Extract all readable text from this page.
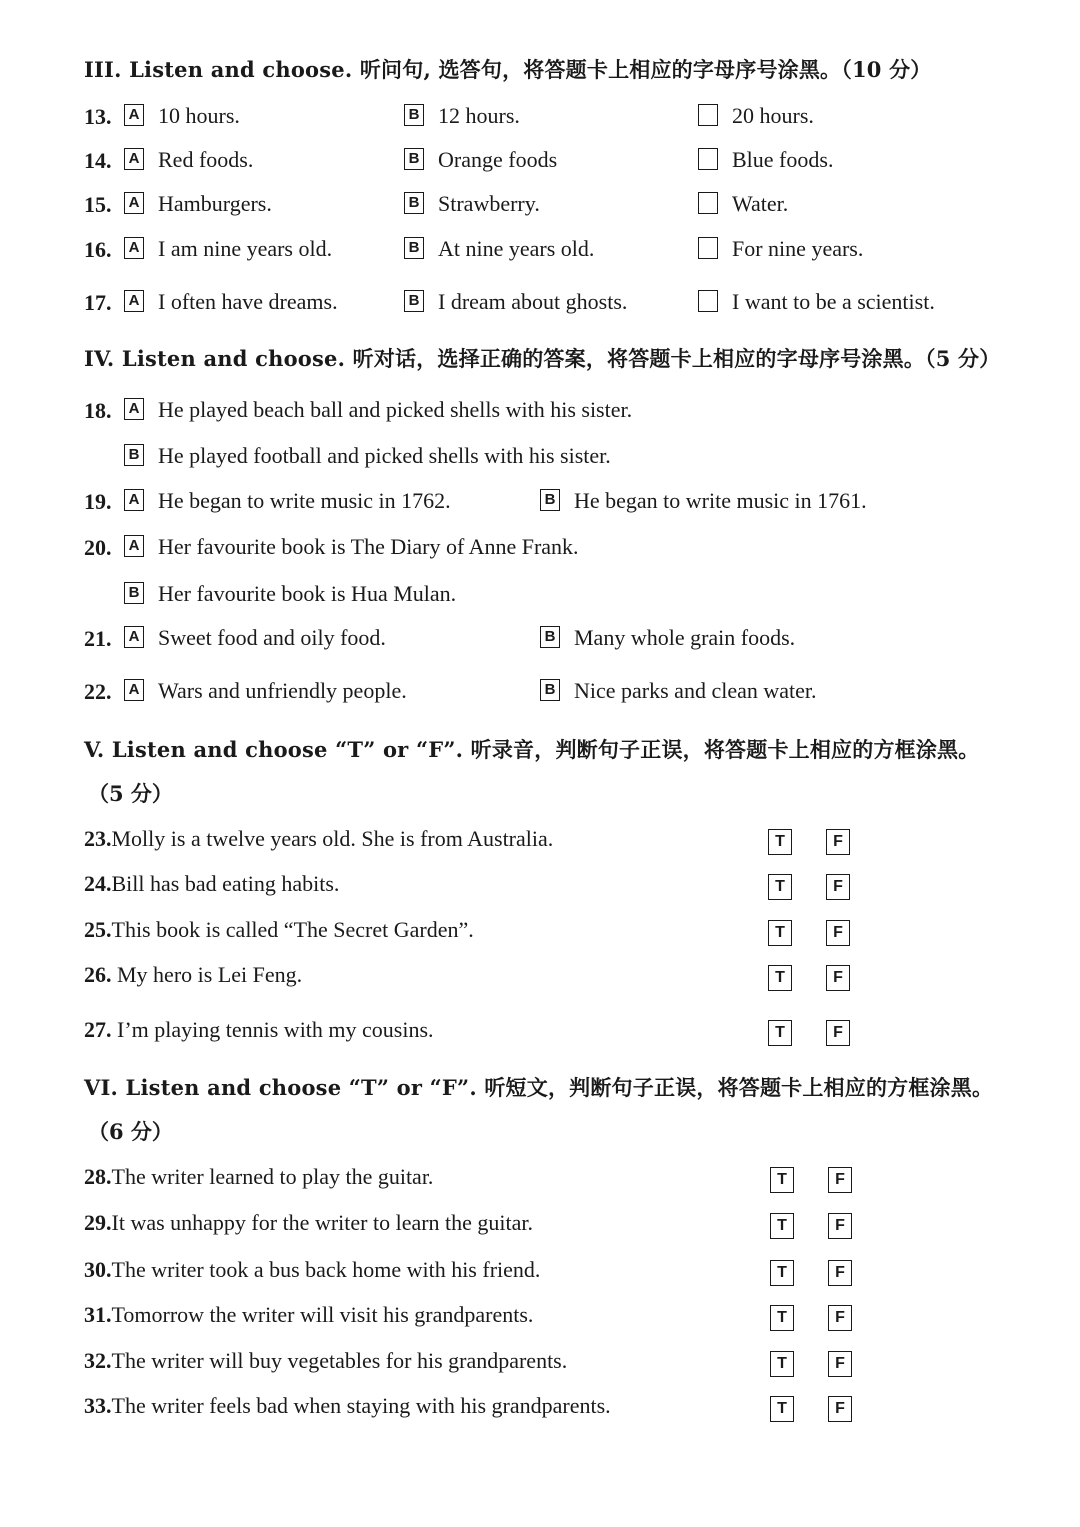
III. Listen and choose. 听问句, 选答句，将答题卡上相应的字母序号涂黑。（10 分）
13.	A 10 hours.	B 12 hours.	20 hours.
14.	A Red foods.	B Orange foods	Blue foods.
15.	A Hamburgers.	B Strawberry.	Water.
16.	A I am nine years old.	B At nine years old.	For nine years.
17.	A I often have dreams.	B I dream about ghosts.	I want to be a scientist.
IV. Listen and choose. 听对话，选择正确的答案，将答题卡上相应的字母序号涂黑。（5 分）
18.	A He played beach ball and picked shells with his sister.
B He played football and picked shells with his sister.
19.	A He began to write music in 1762.	B He began to write music in 1761.
20.	A Her favourite book is The Diary of Anne Frank.
B Her favourite book is Hua Mulan.
21.	A Sweet food and oily food.	B Many whole grain foods.
22.	A Wars and unfriendly people.	B Nice parks and clean water.
V. Listen and choose “T” or “F”. 听录音，判断句子正误，将答题卡上相应的方框涂黑。
（5 分）
23.Molly is a twelve years old. She is from Australia.	T	F
24.Bill has bad eating habits.	T	F
25.This book is called “The Secret Garden”.	T	F
26. My hero is Lei Feng.	T	F
27. I’m playing tennis with my cousins.	T	F
VI. Listen and choose “T” or “F”. 听短文，判断句子正误，将答题卡上相应的方框涂黑。
（6 分）
28.The writer learned to play the guitar.	T	F
29.It was unhappy for the writer to learn the guitar.	T	F
30.The writer took a bus back home with his friend.	T	F
31.Tomorrow the writer will visit his grandparents.	T	F
32.The writer will buy vegetables for his grandparents.	T	F
33.The writer feels bad when staying with his grandparents.	T	F
